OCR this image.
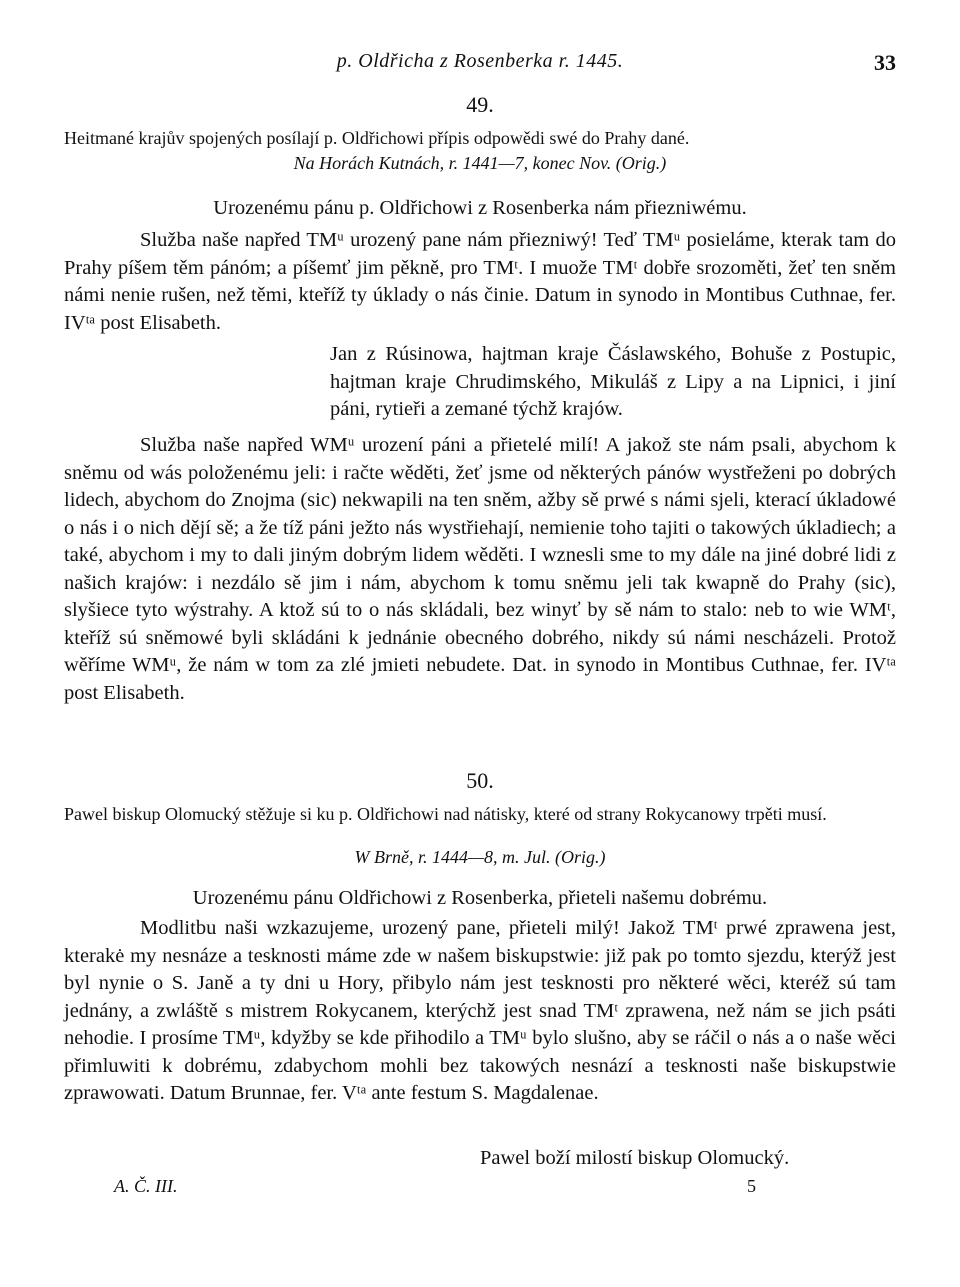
p. Oldřicha z Rosenberka r. 1445.	33
49.
Heitmané krajův spojených posílají p. Oldřichowi přípis odpowědi swé do Prahy dané.
Na Horách Kutnách, r. 1441—7, konec Nov. (Orig.)
Urozenému pánu p. Oldřichowi z Rosenberka nám přiezniwému.
Služba naše napřed TMᵘ urozený pane nám přiezniwý! Teď TMᵘ posieláme, kterak tam do Prahy píšem těm pánóm; a píšemť jim pěkně, pro TMᵗ. I muože TMᵗ dobře srozoměti, žeť ten sněm námi nenie rušen, než těmi, kteříž ty úklady o nás činie. Datum in synodo in Montibus Cuthnae, fer. IVᵗᵃ post Elisabeth.
Jan z Rúsinowa, hajtman kraje Čáslawského, Bohuše z Postupic, hajtman kraje Chrudimského, Mikuláš z Lipy a na Lipnici, i jiní páni, rytieři a zemané týchž krajów.
Služba naše napřed WMᵘ urození páni a přietelé milí! A jakož ste nám psali, abychom k sněmu od wás položenému jeli: i račte wěděti, žeť jsme od některých pánów wystřeženi po dobrých lidech, abychom do Znojma (sic) nekwapili na ten sněm, ažby sě prwé s námi sjeli, kterací úkladowé o nás i o nich dějí sě; a že tíž páni ježto nás wystřiehají, nemienie toho tajiti o takowých úkladiech; a také, abychom i my to dali jiným dobrým lidem wěděti. I wznesli sme to my dále na jiné dobré lidi z našich krajów: i nezdálo sě jim i nám, abychom k tomu sněmu jeli tak kwapně do Prahy (sic), slyšiece tyto wýstrahy. A ktož sú to o nás skládali, bez winyť by sě nám to stalo: neb to wie WMᵗ, kteříž sú sněmowé byli skládáni k jednánie obecného dobrého, nikdy sú námi nescházeli. Protož wěříme WMᵘ, že nám w tom za zlé jmieti nebudete. Dat. in synodo in Montibus Cuthnae, fer. IVᵗᵃ post Elisabeth.
50.
Pawel biskup Olomucký stěžuje si ku p. Oldřichowi nad nátisky, které od strany Rokycanowy trpěti musí.
W Brně, r. 1444—8, m. Jul. (Orig.)
Urozenému pánu Oldřichowi z Rosenberka, přieteli našemu dobrému.
Modlitbu naši wzkazujeme, urozený pane, přieteli milý! Jakož TMᵗ prwé zprawena jest, kterakė my nesnáze a tesknosti máme zde w našem biskupstwie: již pak po tomto sjezdu, kterýž jest byl nynie o S. Janě a ty dni u Hory, přibylo nám jest tesknosti pro některé wěci, kteréž sú tam jednány, a zwláště s mistrem Rokycanem, kterýchž jest snad TMᵗ zprawena, než nám se jich psáti nehodie. I prosíme TMᵘ, kdyžby se kde přihodilo a TMᵘ bylo slušno, aby se ráčil o nás a o naše wěci přimluwiti k dobrému, zdabychom mohli bez takowých nesnází a tesknosti naše biskupstwie zprawowati. Datum Brunnae, fer. Vᵗᵃ ante festum S. Magdalenae.
Pawel boží milostí biskup Olomucký.
A. Č. III.	5
